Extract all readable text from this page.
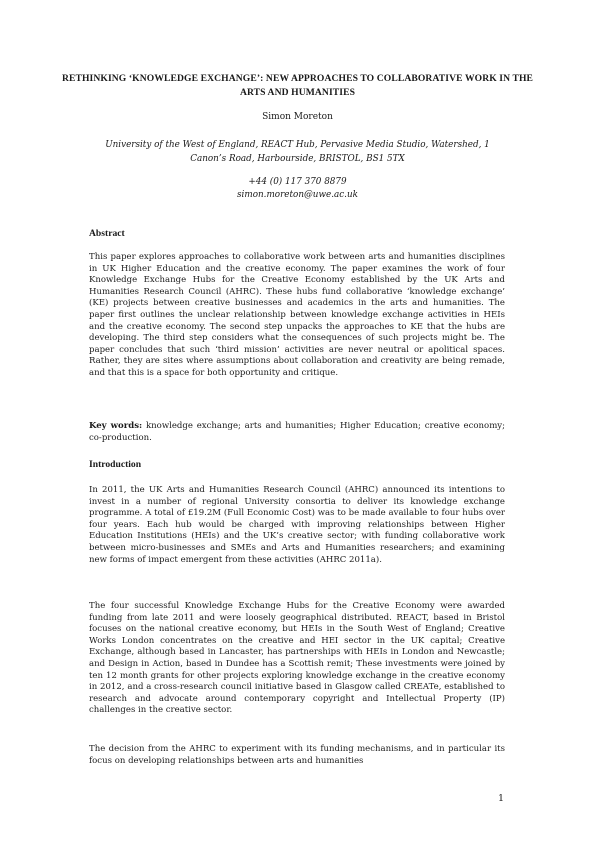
RETHINKING ‘KNOWLEDGE EXCHANGE’: NEW APPROACHES TO COLLABORATIVE WORK IN THE ARTS AND HUMANITIES
Simon Moreton
University of the West of England, REACT Hub, Pervasive Media Studio, Watershed, 1 Canon’s Road, Harbourside, BRISTOL, BS1 5TX
+44 (0) 117 370 8879
simon.moreton@uwe.ac.uk
Abstract
This paper explores approaches to collaborative work between arts and humanities disciplines in UK Higher Education and the creative economy. The paper examines the work of four Knowledge Exchange Hubs for the Creative Economy established by the UK Arts and Humanities Research Council (AHRC). These hubs fund collaborative ‘knowledge exchange’ (KE) projects between creative businesses and academics in the arts and humanities. The paper first outlines the unclear relationship between knowledge exchange activities in HEIs and the creative economy. The second step unpacks the approaches to KE that the hubs are developing. The third step considers what the consequences of such projects might be. The paper concludes that such ‘third mission’ activities are never neutral or apolitical spaces. Rather, they are sites where assumptions about collaboration and creativity are being remade, and that this is a space for both opportunity and critique.
Key words: knowledge exchange; arts and humanities; Higher Education; creative economy; co-production.
Introduction
In 2011, the UK Arts and Humanities Research Council (AHRC) announced its intentions to invest in a number of regional University consortia to deliver its knowledge exchange programme. A total of £19.2M (Full Economic Cost) was to be made available to four hubs over four years. Each hub would be charged with improving relationships between Higher Education Institutions (HEIs) and the UK’s creative sector; with funding collaborative work between micro-businesses and SMEs and Arts and Humanities researchers; and examining new forms of impact emergent from these activities (AHRC 2011a).
The four successful Knowledge Exchange Hubs for the Creative Economy were awarded funding from late 2011 and were loosely geographical distributed. REACT, based in Bristol focuses on the national creative economy, but HEIs in the South West of England; Creative Works London concentrates on the creative and HEI sector in the UK capital; Creative Exchange, although based in Lancaster, has partnerships with HEIs in London and Newcastle; and Design in Action, based in Dundee has a Scottish remit; These investments were joined by ten 12 month grants for other projects exploring knowledge exchange in the creative economy in 2012, and a cross-research council initiative based in Glasgow called CREATe, established to research and advocate around contemporary copyright and Intellectual Property (IP) challenges in the creative sector.
The decision from the AHRC to experiment with its funding mechanisms, and in particular its focus on developing relationships between arts and humanities
1
